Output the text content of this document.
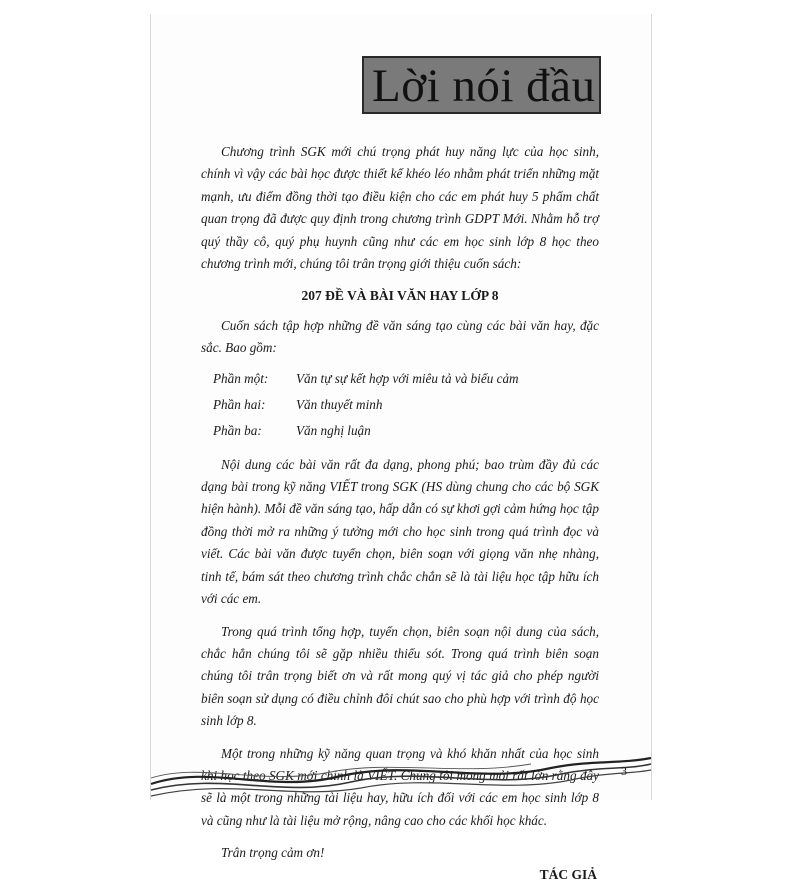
Lời nói đầu

Chương trình SGK mới chú trọng phát huy năng lực của học sinh, chính vì vậy các bài học được thiết kế khéo léo nhằm phát triển những mặt mạnh, ưu điểm đồng thời tạo điều kiện cho các em phát huy 5 phẩm chất quan trọng đã được quy định trong chương trình GDPT Mới. Nhằm hỗ trợ quý thầy cô, quý phụ huynh cũng như các em học sinh lớp 8 học theo chương trình mới, chúng tôi trân trọng giới thiệu cuốn sách:

207 ĐỀ VÀ BÀI VĂN HAY LỚP 8

Cuốn sách tập hợp những đề văn sáng tạo cùng các bài văn hay, đặc sắc. Bao gồm:

Phần một:	Văn tự sự kết hợp với miêu tả và biểu cảm
Phần hai:	Văn thuyết minh
Phần ba:	Văn nghị luận

Nội dung các bài văn rất đa dạng, phong phú; bao trùm đầy đủ các dạng bài trong kỹ năng VIẾT trong SGK (HS dùng chung cho các bộ SGK hiện hành). Mỗi đề văn sáng tạo, hấp dẫn có sự khơi gợi cảm hứng học tập đồng thời mở ra những ý tưởng mới cho học sinh trong quá trình đọc và viết. Các bài văn được tuyển chọn, biên soạn với giọng văn nhẹ nhàng, tinh tế, bám sát theo chương trình chắc chắn sẽ là tài liệu học tập hữu ích với các em.

Trong quá trình tổng hợp, tuyển chọn, biên soạn nội dung của sách, chắc hẳn chúng tôi sẽ gặp nhiều thiếu sót. Trong quá trình biên soạn chúng tôi trân trọng biết ơn và rất mong quý vị tác giả cho phép người biên soạn sử dụng có điều chỉnh đôi chút sao cho phù hợp với trình độ học sinh lớp 8.

Một trong những kỹ năng quan trọng và khó khăn nhất của học sinh khi học theo SGK mới chính là VIẾT. Chúng tôi mong mỏi rất lớn rằng đây sẽ là một trong những tài liệu hay, hữu ích đối với các em học sinh lớp 8 và cũng như là tài liệu mở rộng, nâng cao cho các khối học khác.

Trân trọng cảm ơn!

TÁC GIẢ
3
